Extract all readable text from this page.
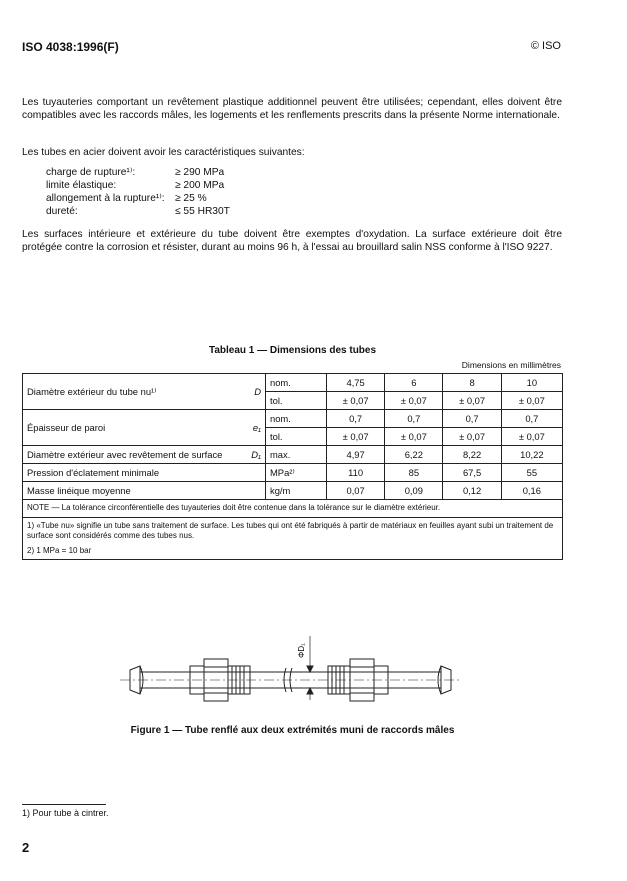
ISO 4038:1996(F)	© ISO
Les tuyauteries comportant un revêtement plastique additionnel peuvent être utilisées; cependant, elles doivent être compatibles avec les raccords mâles, les logements et les renflements prescrits dans la présente Norme internationale.
Les tubes en acier doivent avoir les caractéristiques suivantes:
charge de rupture¹⁾:	≥ 290 MPa
limite élastique:	≥ 200 MPa
allongement à la rupture¹⁾: ≥ 25 %
dureté:	≤ 55 HR30T
Les surfaces intérieure et extérieure du tube doivent être exemptes d'oxydation. La surface extérieure doit être protégée contre la corrosion et résister, durant au moins 96 h, à l'essai au brouillard salin NSS conforme à l'ISO 9227.
Tableau 1 — Dimensions des tubes
Dimensions en millimètres
Diamètre extérieur du tube nu¹⁾	D	nom.	4,75	6	8	10
		tol.	± 0,07	± 0,07	± 0,07	± 0,07
Épaisseur de paroi	e₁	nom.	0,7	0,7	0,7	0,7
		tol.	± 0,07	± 0,07	± 0,07	± 0,07
Diamètre extérieur avec revêtement de surface	D₁	max.	4,97	6,22	8,22	10,22
Pression d'éclatement minimale		MPa²⁾	110	85	67,5	55
Masse linéique moyenne		kg/m	0,07	0,09	0,12	0,16
NOTE — La tolérance circonférentielle des tuyauteries doit être contenue dans la tolérance sur le diamètre extérieur.						

1) «Tube nu» signifie un tube sans traitement de surface. Les tubes qui ont été fabriqués à partir de matériaux en feuilles ayant subi un traitement de surface sont considérés comme des tubes nus.
2) 1 MPa = 10 bar						
ΦD₁
Figure 1 — Tube renflé aux deux extrémités muni de raccords mâles
1) Pour tube à cintrer.
2
